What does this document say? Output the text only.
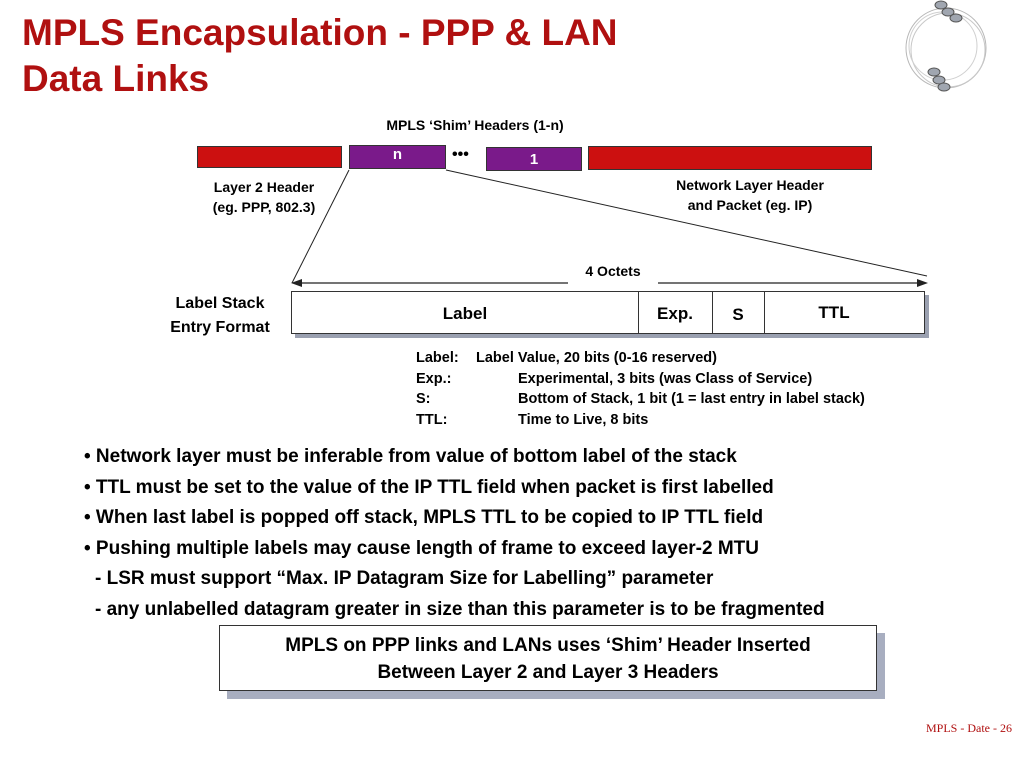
MPLS Encapsulation - PPP & LAN
Data Links
MPLS ‘Shim’ Headers (1-n)
n	•••	1
Layer 2 Header
(eg. PPP, 802.3)
Network Layer Header
and Packet (eg. IP)
4 Octets
Label Stack
Entry Format
Label	Exp.	S	TTL
Label:	Label Value, 20 bits (0-16 reserved)
Exp.:	Experimental, 3 bits (was Class of Service)
S:	Bottom of Stack, 1 bit (1 = last entry in label stack)
TTL:	Time to Live, 8 bits
• Network layer must be inferable from value of bottom label of the stack
• TTL must be set to the value of the IP TTL field when packet is first labelled
• When last label is popped off stack, MPLS TTL to be copied to IP TTL field
• Pushing multiple labels may cause length of frame to exceed layer-2 MTU
- LSR must support “Max. IP Datagram Size for Labelling” parameter
- any unlabelled datagram greater in size than this parameter is to be fragmented
MPLS on PPP links and LANs uses ‘Shim’ Header Inserted
Between Layer 2 and Layer 3 Headers
MPLS - Date - 26
